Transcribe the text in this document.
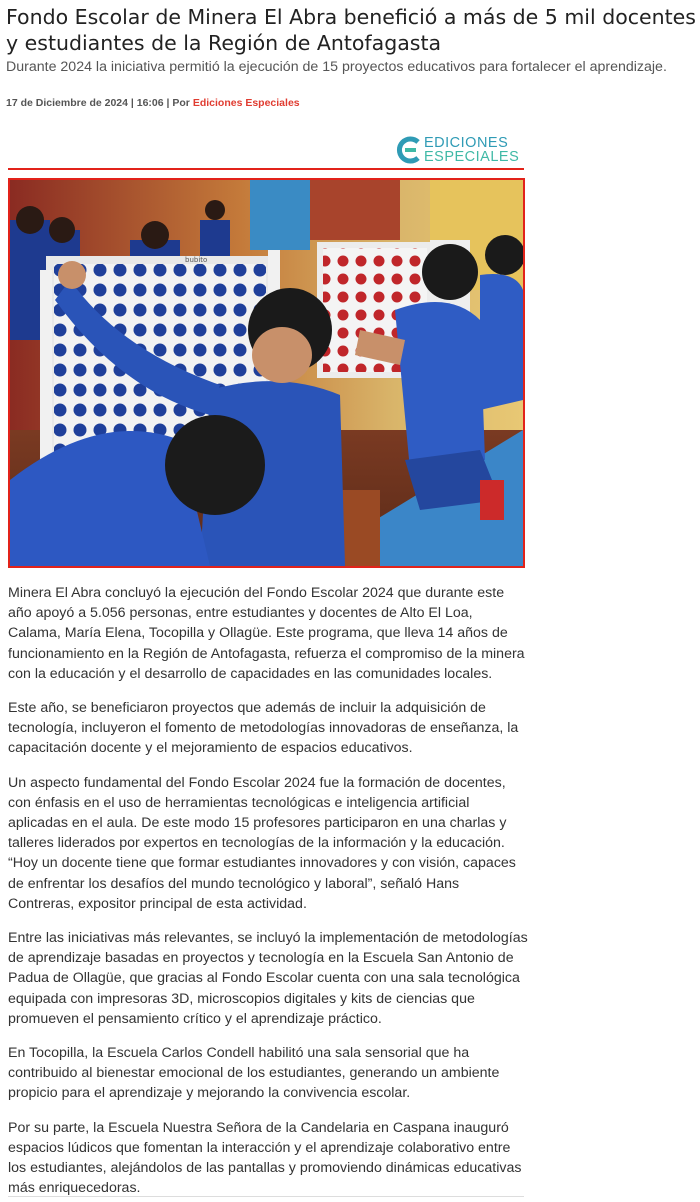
Fondo Escolar de Minera El Abra benefició a más de 5 mil docentes y estudiantes de la Región de Antofagasta
Durante 2024 la iniciativa permitió la ejecución de 15 proyectos educativos para fortalecer el aprendizaje.
17 de Diciembre de 2024 | 16:06 | Por Ediciones Especiales
EDICIONES
ESPECIALES
bubito

Minera El Abra concluyó la ejecución del Fondo Escolar 2024 que durante este año apoyó a 5.056 personas, entre estudiantes y docentes de Alto El Loa, Calama, María Elena, Tocopilla y Ollagüe. Este programa, que lleva 14 años de funcionamiento en la Región de Antofagasta, refuerza el compromiso de la minera con la educación y el desarrollo de capacidades en las comunidades locales.

Este año, se beneficiaron proyectos que además de incluir la adquisición de tecnología, incluyeron el fomento de metodologías innovadoras de enseñanza, la capacitación docente y el mejoramiento de espacios educativos.

Un aspecto fundamental del Fondo Escolar 2024 fue la formación de docentes, con énfasis en el uso de herramientas tecnológicas e inteligencia artificial aplicadas en el aula. De este modo 15 profesores participaron en una charlas y talleres liderados por expertos en tecnologías de la información y la educación. “Hoy un docente tiene que formar estudiantes innovadores y con visión, capaces de enfrentar los desafíos del mundo tecnológico y laboral”, señaló Hans Contreras, expositor principal de esta actividad.

Entre las iniciativas más relevantes, se incluyó la implementación de metodologías de aprendizaje basadas en proyectos y tecnología en la Escuela San Antonio de Padua de Ollagüe, que gracias al Fondo Escolar cuenta con una sala tecnológica equipada con impresoras 3D, microscopios digitales y kits de ciencias que promueven el pensamiento crítico y el aprendizaje práctico.

En Tocopilla, la Escuela Carlos Condell habilitó una sala sensorial que ha contribuido al bienestar emocional de los estudiantes, generando un ambiente propicio para el aprendizaje y mejorando la convivencia escolar.

Por su parte, la Escuela Nuestra Señora de la Candelaria en Caspana inauguró espacios lúdicos que fomentan la interacción y el aprendizaje colaborativo entre los estudiantes, alejándolos de las pantallas y promoviendo dinámicas educativas más enriquecedoras.
